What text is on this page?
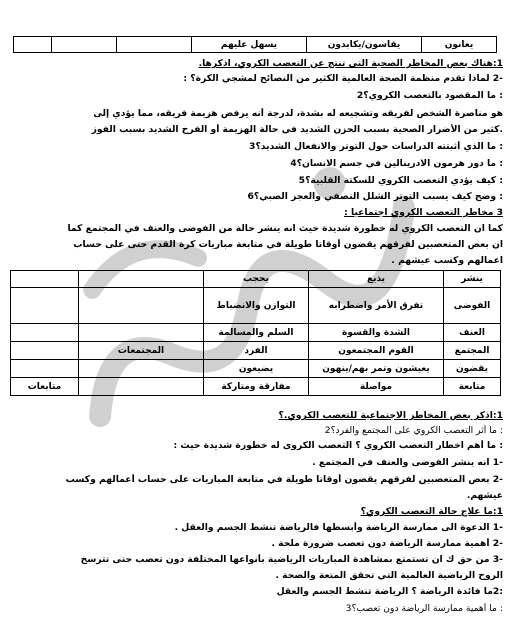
يعانون	يقاسون/يكابدون	يسهل عليهم			
1:هناك بعض المخاطر الصحية التي تنتج عن التعصب الكروي، اذكرها.
-2 لماذا تقدم منظمة الصحة العالمية الكثير من النصائح لمشجي الكرة؟ :
: ما المقصود بالتعصب الكروي؟2
هو مناصرة الشخص لفريقه وتشجيعه له بشدة، لدرجة أنه يرفض هزيمة فريقه، مما يؤدي إلى
.كثير من الأضرار الصحية بسبب الحزن الشديد في حالة الهزيمة أو الفرح الشديد بسبب الفوز
: ما الذي أثبتته الدراسات حول التوتر والانفعال الشديد؟3
: ما دور هرمون الادرينالين في جسم الانسان؟4
: كيف يؤدي التعصب الكروي للسكتة القلبية؟5
: وضح كيف يسبب التوتر الشلل النصفي والعجز الصبي؟6
3 مخاطر التعصب الكروي اجتماعيا :
كما ان التعصب الكروي له خطورة شديدة حيث انه ينشر حالة من الفوضى والعنف في المجتمع كما
ان بعض المتعصبين لفرقهم يقضون أوقاتا طويلة في متابعة مباريات كرة القدم حتى على حساب
اعمالهم وكسب عيشهم .
ينشر	يذيع	يحجب		
الفوضى	تفرق الأمر واضطرابه	التوازن والانضباط		
العنف	الشدة والقسوة	السلم والمسالمة		
المجتمع	القوم المجتمعون	الفرد	المجتمعات	
يقضون	يعيشون وتمر بهم/ينهون	يضيعون		
متابعة	مواصلة	مفارقة ومتاركة		متابعات
1:اذكر بعض المخاطر الاجتماعية للتعصب الكروي.؟
: ما أثر التعصب الكروي على المجتمع والفرد؟2
: ما أهم اخطار التعصب الكروي ؟ التعصب الكروى له خطورة شديدة حيث :
-1 انه ينشر الفوضى والعنف في المجتمع .
-2 بعض المتعصبين لفرقهم يقضون أوقاتا طويلة في متابعة المباريات على حساب أعمالهم وكسب
عيشهم.
1:ما علاج حالة التعصب الكروي؟
-1 الدعوة الى ممارسة الرياضة وأبسطها فالرياضة تنشط الجسم والعقل .
-2 أهمية ممارسة الرياضة دون تعصب ضرورة ملحة .
-3 من حق ك ان تستمتع بمشاهدة المباريات الرياضية بأنواعها المختلفة دون تعصب حتى تترسخ
الروح الرياضية العالمية التي تحقق المتعة والصحة .
:2ما فائدة الرياضة ؟ الرياضة تنشط الجسم والعقل
: ما أهمية ممارسة الرياضة دون تعصب؟3
